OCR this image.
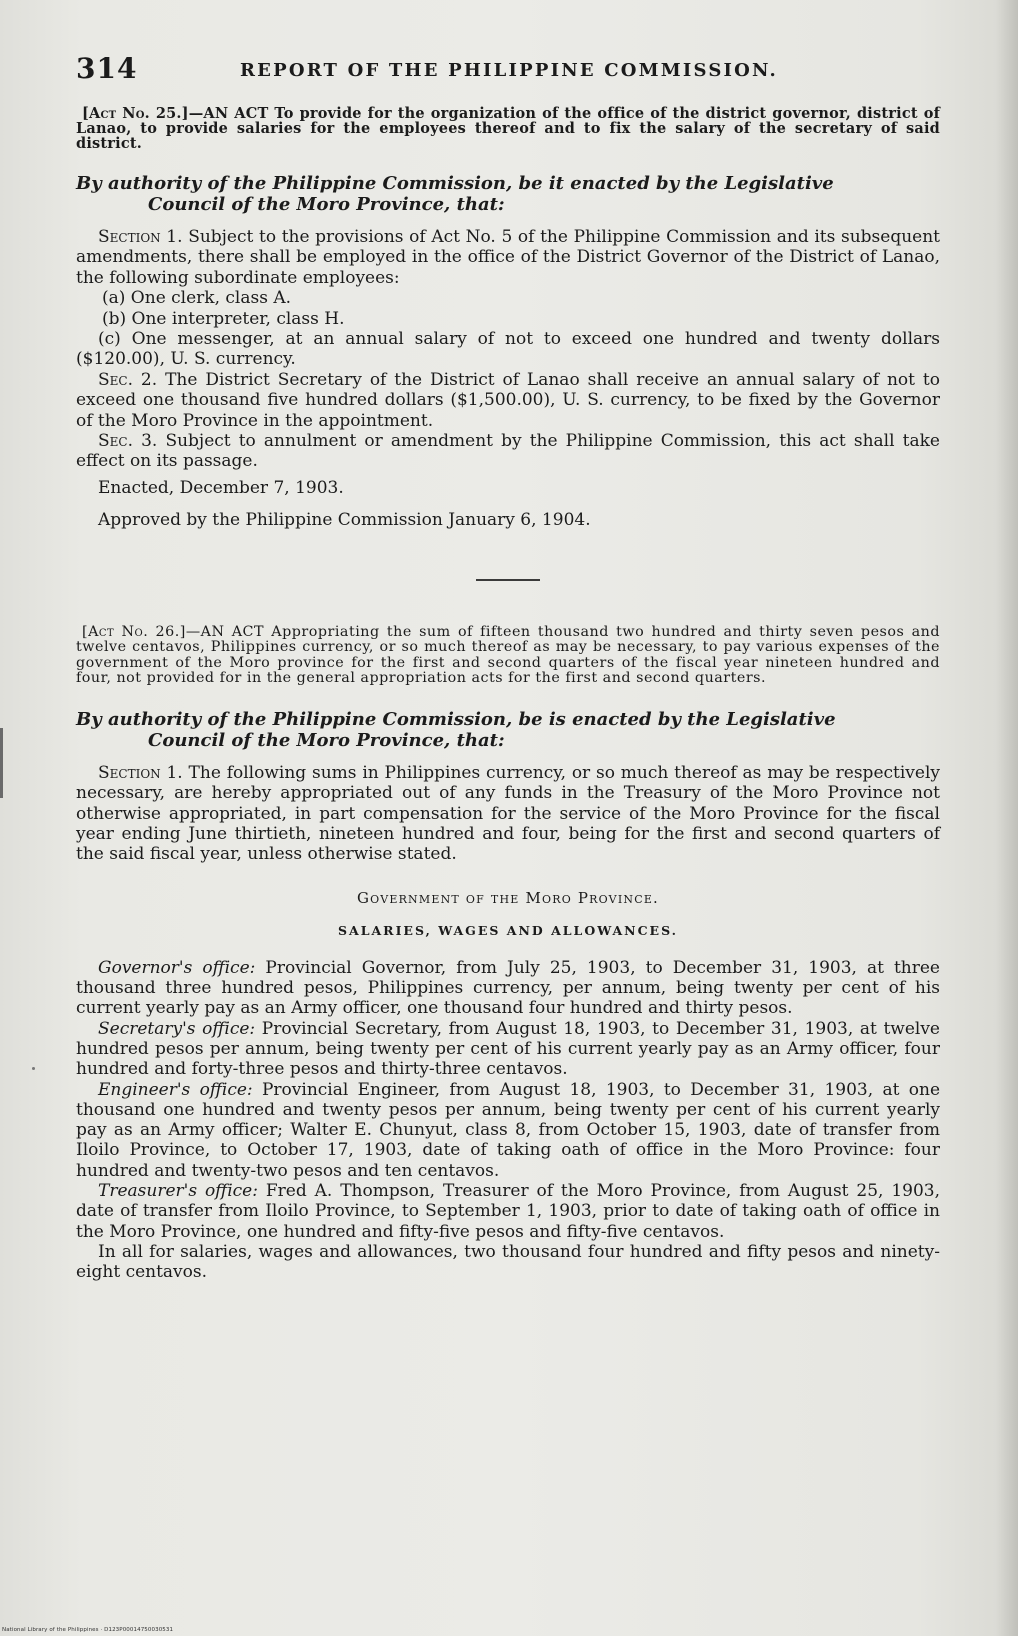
314	REPORT OF THE PHILIPPINE COMMISSION.

[Act No. 25.]—AN ACT To provide for the organization of the office of the district governor, district of Lanao, to provide salaries for the employees thereof and to fix the salary of the secretary of said district.

By authority of the Philippine Commission, be it enacted by the Legislative
Council of the Moro Province, that:

Section 1. Subject to the provisions of Act No. 5 of the Philippine Commission and its subsequent amendments, there shall be employed in the office of the District Governor of the District of Lanao, the following subordinate employees:

(a) One clerk, class A.

(b) One interpreter, class H.

(c) One messenger, at an annual salary of not to exceed one hundred and twenty dollars ($120.00), U. S. currency.

Sec. 2. The District Secretary of the District of Lanao shall receive an annual salary of not to exceed one thousand five hundred dollars ($1,500.00), U. S. currency, to be fixed by the Governor of the Moro Province in the appointment.

Sec. 3. Subject to annulment or amendment by the Philippine Commission, this act shall take effect on its passage.

Enacted, December 7, 1903.

Approved by the Philippine Commission January 6, 1904.

[Act No. 26.]—AN ACT Appropriating the sum of fifteen thousand two hundred and thirty seven pesos and twelve centavos, Philippines currency, or so much thereof as may be necessary, to pay various expenses of the government of the Moro province for the first and second quarters of the fiscal year nineteen hundred and four, not provided for in the general appropriation acts for the first and second quarters.

By authority of the Philippine Commission, be is enacted by the Legislative
Council of the Moro Province, that:

Section 1. The following sums in Philippines currency, or so much thereof as may be respectively necessary, are hereby appropriated out of any funds in the Treasury of the Moro Province not otherwise appropriated, in part compensation for the service of the Moro Province for the fiscal year ending June thirtieth, nineteen hundred and four, being for the first and second quarters of the said fiscal year, unless otherwise stated.

Government of the Moro Province.
SALARIES, WAGES AND ALLOWANCES.

Governor's office: Provincial Governor, from July 25, 1903, to December 31, 1903, at three thousand three hundred pesos, Philippines currency, per annum, being twenty per cent of his current yearly pay as an Army officer, one thousand four hundred and thirty pesos.

Secretary's office: Provincial Secretary, from August 18, 1903, to December 31, 1903, at twelve hundred pesos per annum, being twenty per cent of his current yearly pay as an Army officer, four hundred and forty-three pesos and thirty-three centavos.

Engineer's office: Provincial Engineer, from August 18, 1903, to December 31, 1903, at one thousand one hundred and twenty pesos per annum, being twenty per cent of his current yearly pay as an Army officer; Walter E. Chunyut, class 8, from October 15, 1903, date of transfer from Iloilo Province, to October 17, 1903, date of taking oath of office in the Moro Province: four hundred and twenty-two pesos and ten centavos.

Treasurer's office: Fred A. Thompson, Treasurer of the Moro Province, from August 25, 1903, date of transfer from Iloilo Province, to September 1, 1903, prior to date of taking oath of office in the Moro Province, one hundred and fifty-five pesos and fifty-five centavos.

In all for salaries, wages and allowances, two thousand four hundred and fifty pesos and ninety-eight centavos.

National Library of the Philippines · D123P00014750030531
